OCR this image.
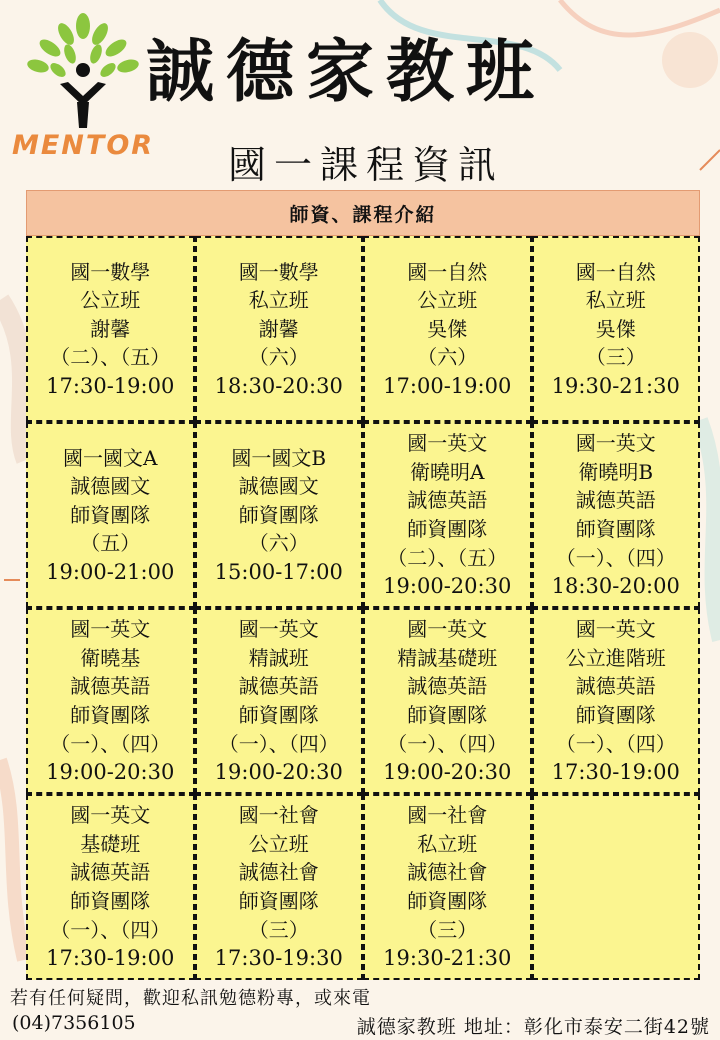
MENTOR
誠德家教班
國一課程資訊
師資、課程介紹
國一數學
公立班
謝馨
（二）、（五）
17:30-19:00
國一數學
私立班
謝馨
（六）
18:30-20:30
國一自然
公立班
吳傑
（六）
17:00-19:00
國一自然
私立班
吳傑
（三）
19:30-21:30
國一國文A
誠德國文
師資團隊
（五）
19:00-21:00
國一國文B
誠德國文
師資團隊
（六）
15:00-17:00
國一英文
衛曉明A
誠德英語
師資團隊
（二）、（五）
19:00-20:30
國一英文
衛曉明B
誠德英語
師資團隊
（一）、（四）
18:30-20:00
國一英文
衛曉基
誠德英語
師資團隊
（一）、（四）
19:00-20:30
國一英文
精誠班
誠德英語
師資團隊
（一）、（四）
19:00-20:30
國一英文
精誠基礎班
誠德英語
師資團隊
（一）、（四）
19:00-20:30
國一英文
公立進階班
誠德英語
師資團隊
（一）、（四）
17:30-19:00
國一英文
基礎班
誠德英語
師資團隊
（一）、（四）
17:30-19:00
國一社會
公立班
誠德社會
師資團隊
（三）
17:30-19:30
國一社會
私立班
誠德社會
師資團隊
（三）
19:30-21:30
若有任何疑問，歡迎私訊勉德粉專，或來電
(04)7356105	誠德家教班 地址：彰化市泰安二街42號
